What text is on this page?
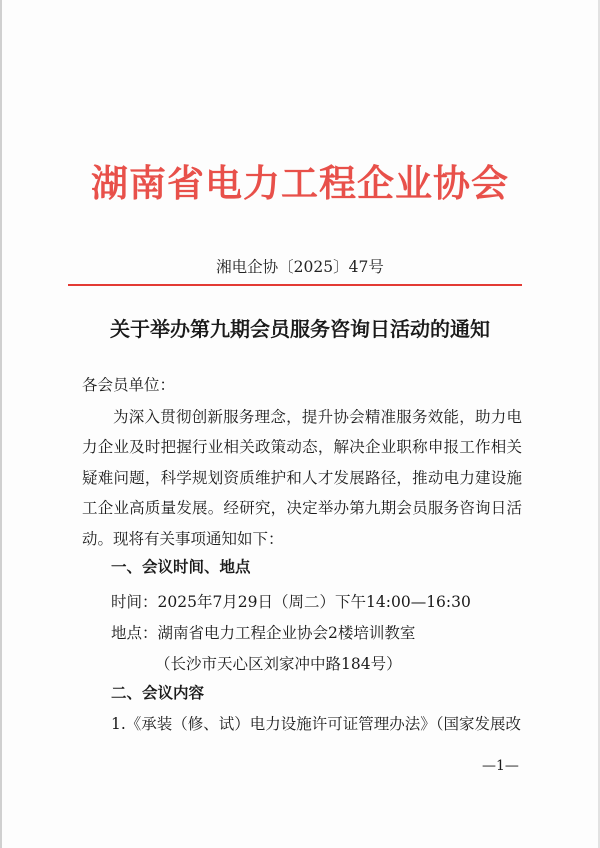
湖南省电力工程企业协会
湘电企协〔2025〕47号
关于举办第九期会员服务咨询日活动的通知
各会员单位：

为深入贯彻创新服务理念，提升协会精准服务效能，助力电力企业及时把握行业相关政策动态，解决企业职称申报工作相关疑难问题，科学规划资质维护和人才发展路径，推动电力建设施工企业高质量发展。经研究，决定举办第九期会员服务咨询日活动。现将有关事项通知如下：

一、会议时间、地点
时间：2025年7月29日（周二）下午14:00—16:30
地点：湖南省电力工程企业协会2楼培训教室
（长沙市天心区刘家冲中路184号）
二、会议内容
1.《承装（修、试）电力设施许可证管理办法》（国家发展改
—1—
